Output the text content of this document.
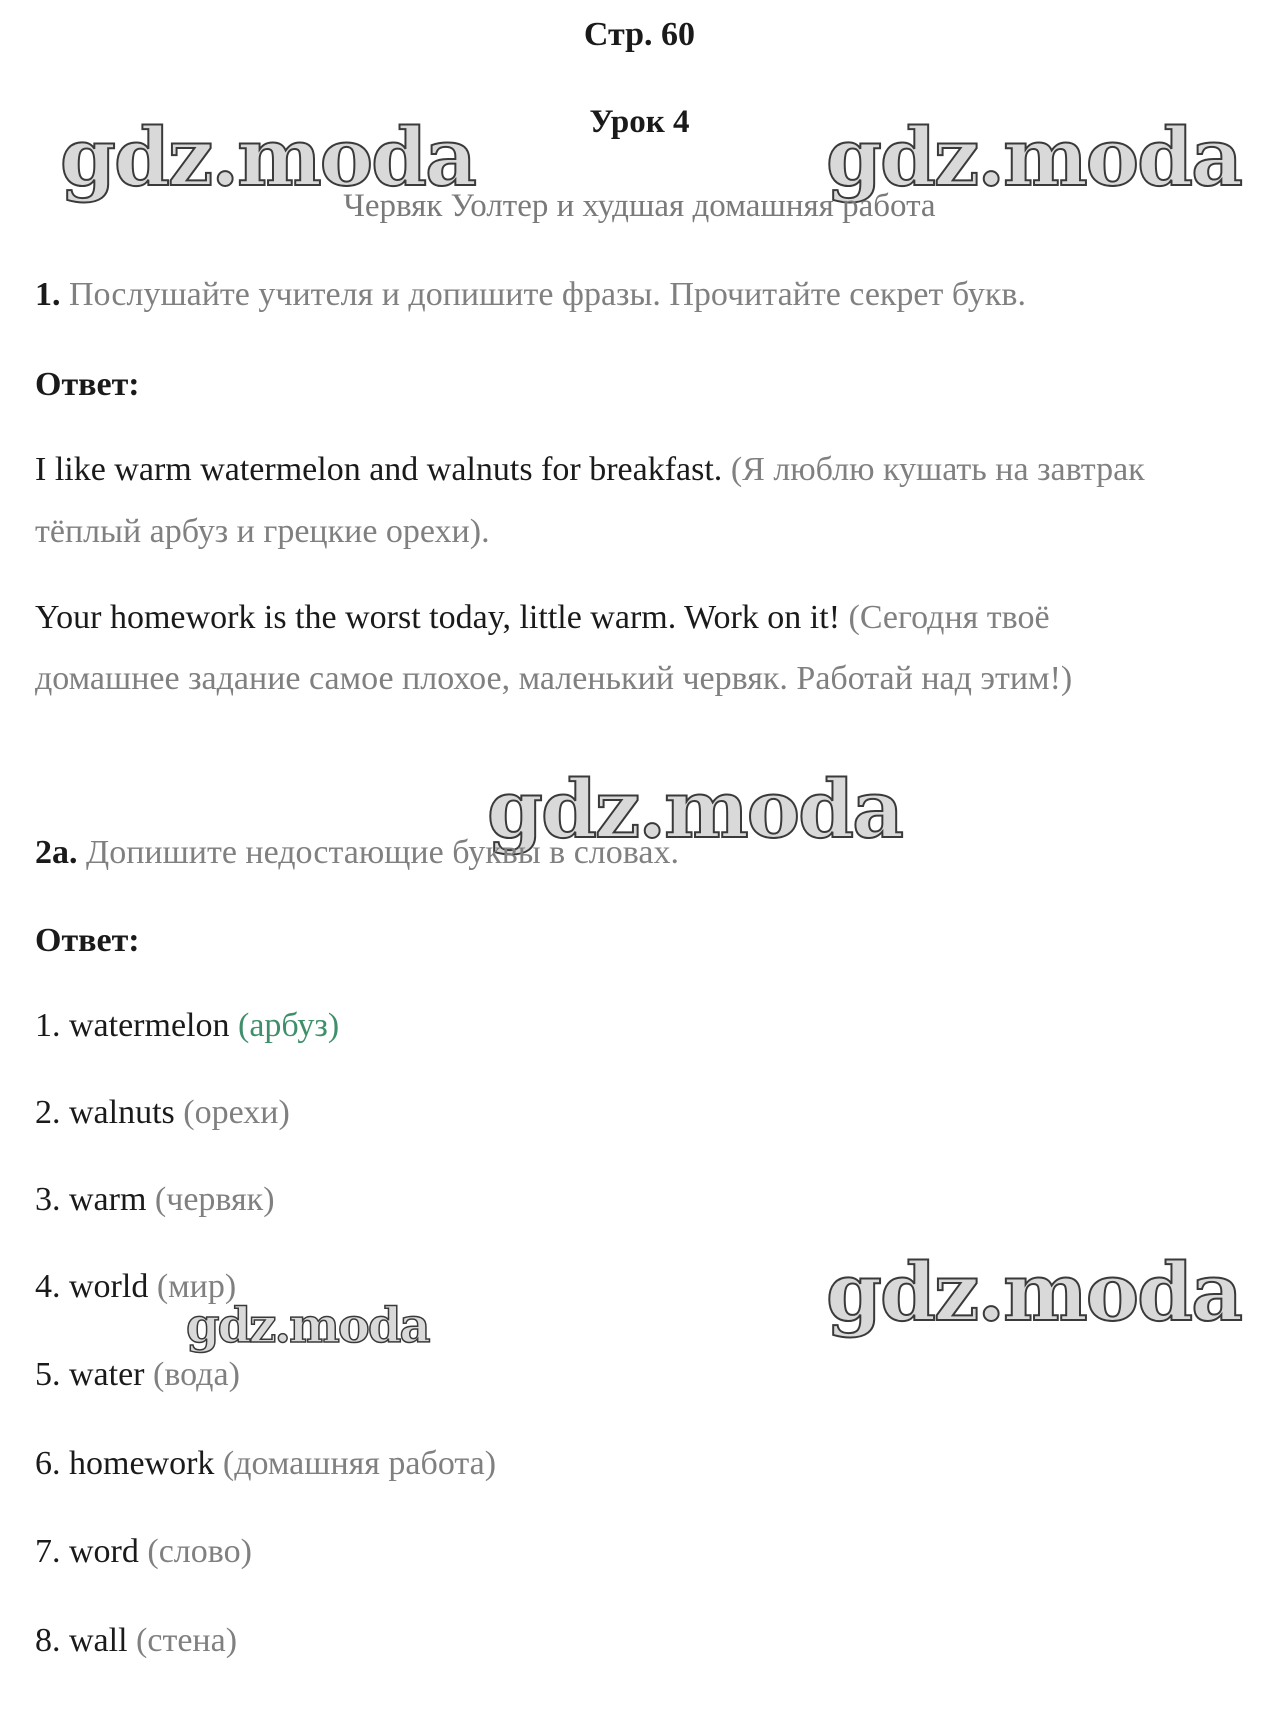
gdz.moda	gdz.moda
gdz.moda
gdz.moda
gdz.moda
Стр. 60
Урок 4
Червяк Уолтер и худшая домашняя работа
1. Послушайте учителя и допишите фразы. Прочитайте секрет букв.
Ответ:
I like warm watermelon and walnuts for breakfast. (Я люблю кушать на завтрак
тёплый арбуз и грецкие орехи).
Your homework is the worst today, little warm. Work on it! (Сегодня твоё
домашнее задание самое плохое, маленький червяк. Работай над этим!)
2a. Допишите недостающие буквы в словах.
Ответ:
1. watermelon (арбуз)
2. walnuts (орехи)
3. warm (червяк)
4. world (мир)
5. water (вода)
6. homework (домашняя работа)
7. word (слово)
8. wall (стена)
